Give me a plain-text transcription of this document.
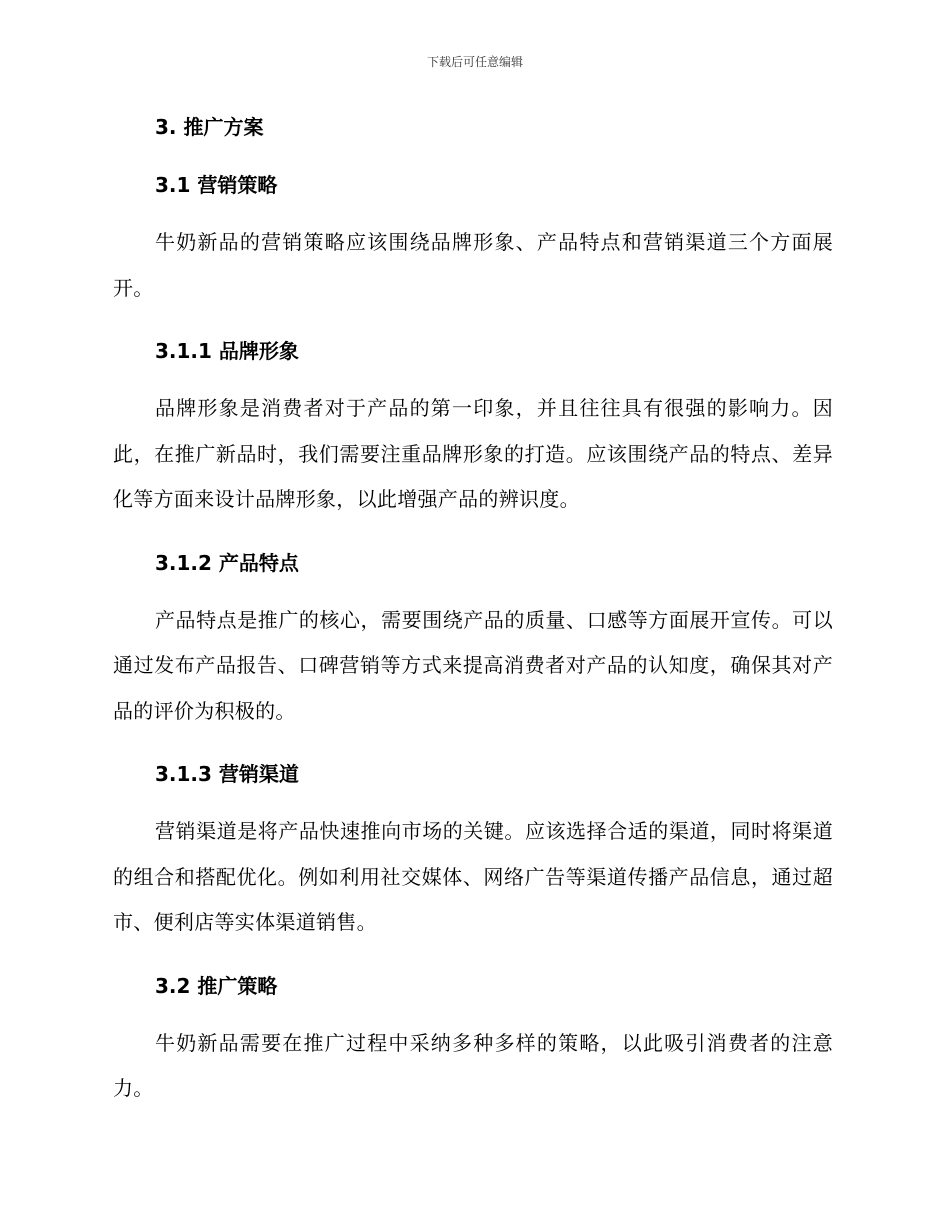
下载后可任意编辑

3. 推广方案

3.1 营销策略

牛奶新品的营销策略应该围绕品牌形象、产品特点和营销渠道三个方面展开。

3.1.1 品牌形象

品牌形象是消费者对于产品的第一印象，并且往往具有很强的影响力。因此，在推广新品时，我们需要注重品牌形象的打造。应该围绕产品的特点、差异化等方面来设计品牌形象，以此增强产品的辨识度。

3.1.2 产品特点

产品特点是推广的核心，需要围绕产品的质量、口感等方面展开宣传。可以通过发布产品报告、口碑营销等方式来提高消费者对产品的认知度，确保其对产品的评价为积极的。

3.1.3 营销渠道

营销渠道是将产品快速推向市场的关键。应该选择合适的渠道，同时将渠道的组合和搭配优化。例如利用社交媒体、网络广告等渠道传播产品信息，通过超市、便利店等实体渠道销售。

3.2 推广策略

牛奶新品需要在推广过程中采纳多种多样的策略，以此吸引消费者的注意力。
